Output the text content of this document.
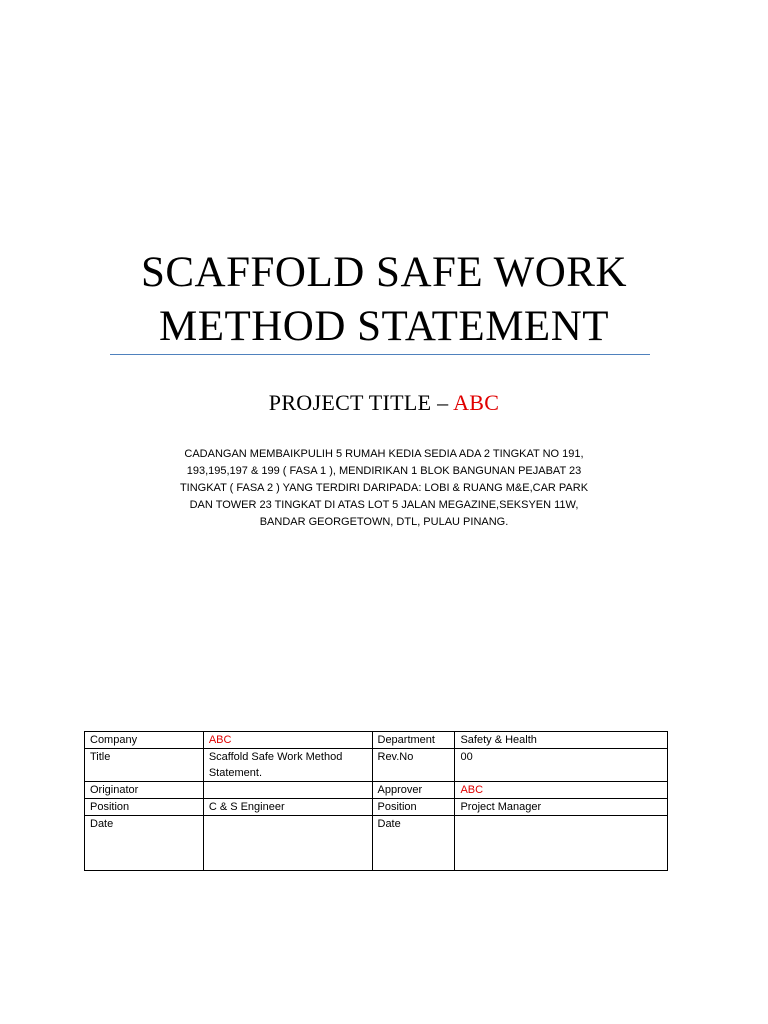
SCAFFOLD SAFE WORK
METHOD STATEMENT
PROJECT TITLE – ABC
CADANGAN MEMBAIKPULIH 5 RUMAH KEDIA SEDIA ADA 2 TINGKAT NO 191,
193,195,197 & 199 ( FASA 1 ), MENDIRIKAN 1 BLOK BANGUNAN PEJABAT 23
TINGKAT ( FASA 2 ) YANG TERDIRI DARIPADA: LOBI & RUANG M&E,CAR PARK
DAN TOWER 23 TINGKAT DI ATAS LOT 5 JALAN MEGAZINE,SEKSYEN 11W,
BANDAR GEORGETOWN, DTL, PULAU PINANG.
Company	ABC	Department	Safety & Health
Title	Scaffold Safe Work Method Statement.	Rev.No	00
Originator		Approver	ABC
Position	C & S Engineer	Position	Project Manager
Date		Date	
